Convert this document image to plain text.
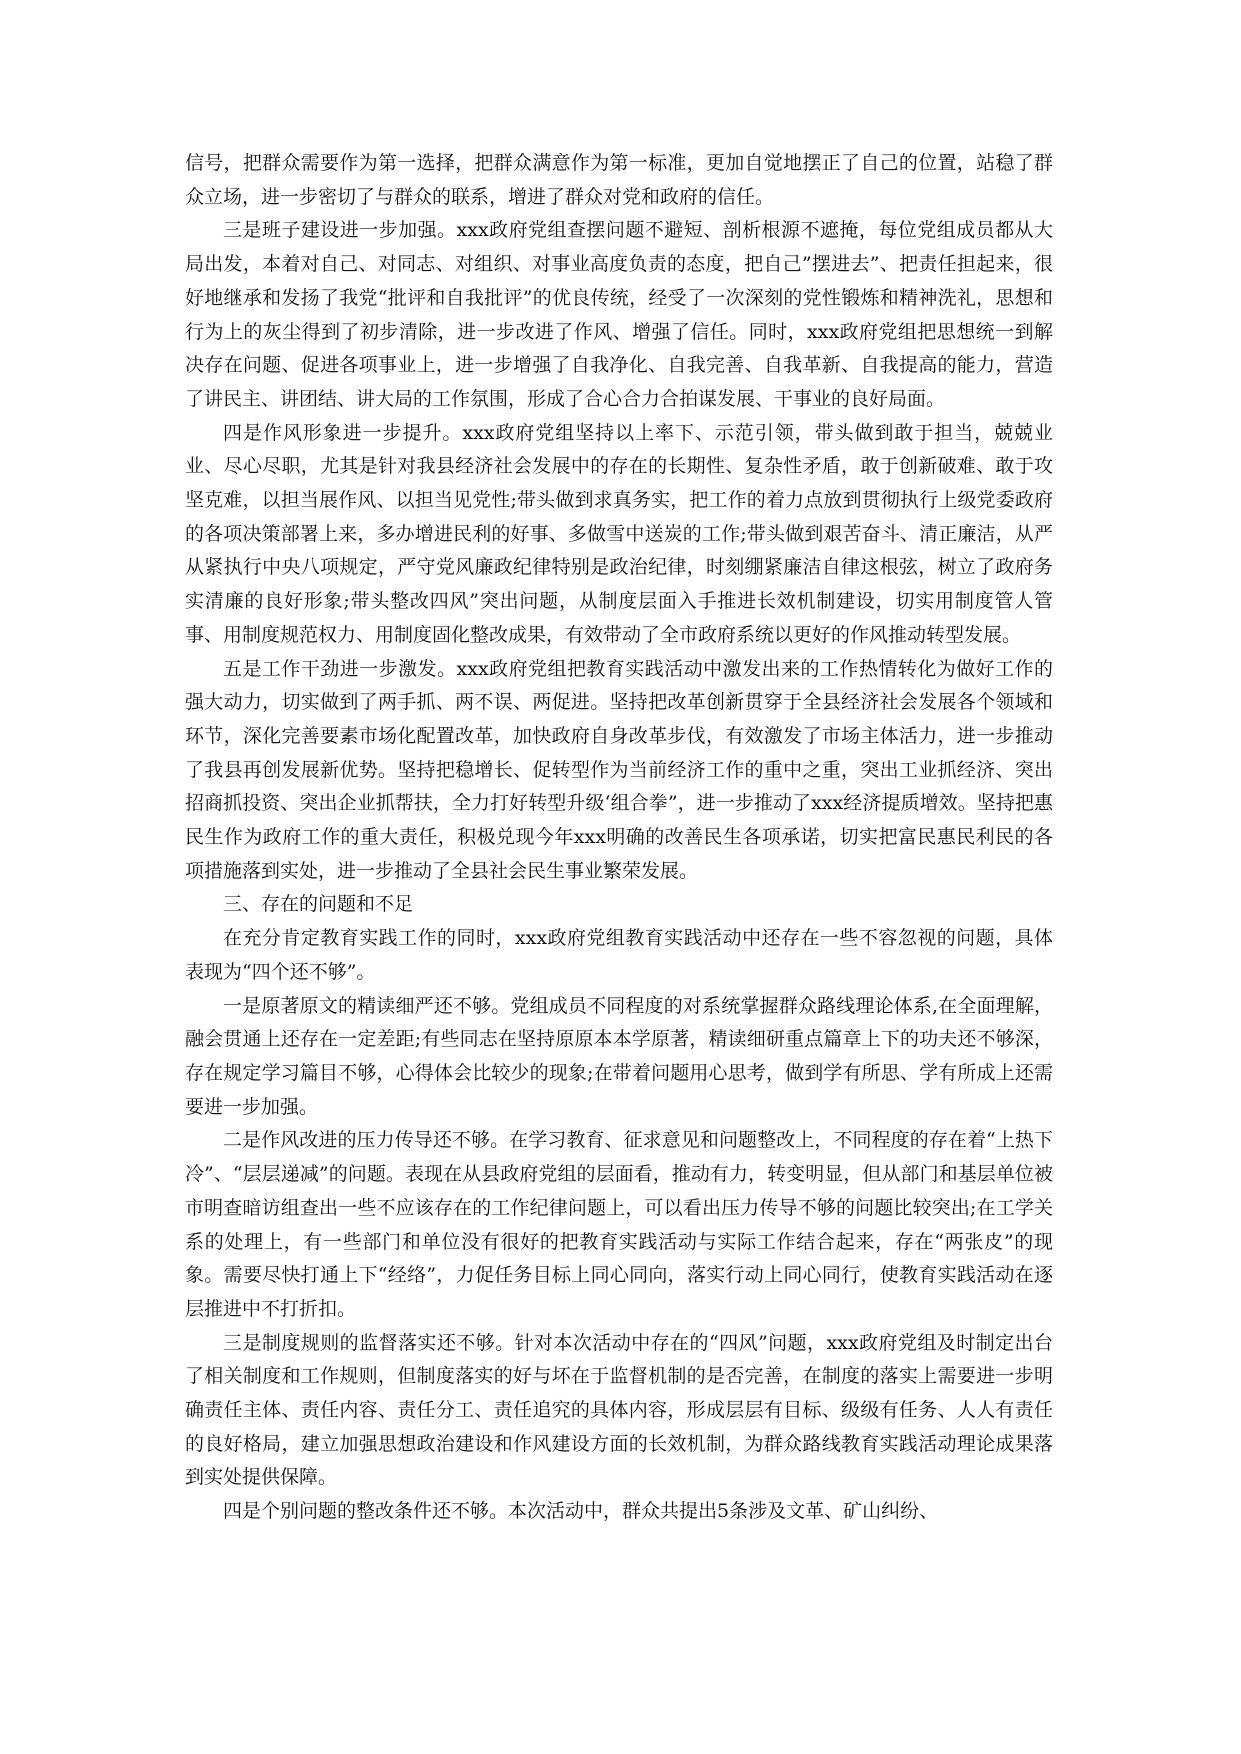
信号，把群众需要作为第一选择，把群众满意作为第一标准，更加自觉地摆正了自己的位置，站稳了群众立场，进一步密切了与群众的联系，增进了群众对党和政府的信任。

三是班子建设进一步加强。xxx政府党组查摆问题不避短、剖析根源不遮掩，每位党组成员都从大局出发，本着对自己、对同志、对组织、对事业高度负责的态度，把自己”摆进去”、把责任担起来，很好地继承和发扬了我党“批评和自我批评”的优良传统，经受了一次深刻的党性锻炼和精神洗礼，思想和行为上的灰尘得到了初步清除，进一步改进了作风、增强了信任。同时，xxx政府党组把思想统一到解决存在问题、促进各项事业上，进一步增强了自我净化、自我完善、自我革新、自我提高的能力，营造了讲民主、讲团结、讲大局的工作氛围，形成了合心合力合拍谋发展、干事业的良好局面。

四是作风形象进一步提升。xxx政府党组坚持以上率下、示范引领，带头做到敢于担当，兢兢业业、尽心尽职，尤其是针对我县经济社会发展中的存在的长期性、复杂性矛盾，敢于创新破难、敢于攻坚克难，以担当展作风、以担当见党性;带头做到求真务实，把工作的着力点放到贯彻执行上级党委政府的各项决策部署上来，多办增进民利的好事、多做雪中送炭的工作;带头做到艰苦奋斗、清正廉洁，从严从紧执行中央八项规定，严守党风廉政纪律特别是政治纪律，时刻绷紧廉洁自律这根弦，树立了政府务实清廉的良好形象;带头整改四风”突出问题，从制度层面入手推进长效机制建设，切实用制度管人管事、用制度规范权力、用制度固化整改成果，有效带动了全市政府系统以更好的作风推动转型发展。

五是工作干劲进一步激发。xxx政府党组把教育实践活动中激发出来的工作热情转化为做好工作的强大动力，切实做到了两手抓、两不误、两促进。坚持把改革创新贯穿于全县经济社会发展各个领域和环节，深化完善要素市场化配置改革，加快政府自身改革步伐，有效激发了市场主体活力，进一步推动了我县再创发展新优势。坚持把稳增长、促转型作为当前经济工作的重中之重，突出工业抓经济、突出招商抓投资、突出企业抓帮扶，全力打好转型升级‘组合拳”，进一步推动了xxx经济提质增效。坚持把惠民生作为政府工作的重大责任，积极兑现今年xxx明确的改善民生各项承诺，切实把富民惠民利民的各项措施落到实处，进一步推动了全县社会民生事业繁荣发展。

三、存在的问题和不足

在充分肯定教育实践工作的同时，xxx政府党组教育实践活动中还存在一些不容忽视的问题，具体表现为“四个还不够”。

一是原著原文的精读细严还不够。党组成员不同程度的对系统掌握群众路线理论体系,在全面理解，融会贯通上还存在一定差距;有些同志在坚持原原本本学原著，精读细研重点篇章上下的功夫还不够深，存在规定学习篇目不够，心得体会比较少的现象;在带着问题用心思考，做到学有所思、学有所成上还需要进一步加强。

二是作风改进的压力传导还不够。在学习教育、征求意见和问题整改上，不同程度的存在着“上热下冷”、“层层递减”的问题。表现在从县政府党组的层面看，推动有力，转变明显，但从部门和基层单位被市明查暗访组查出一些不应该存在的工作纪律问题上，可以看出压力传导不够的问题比较突出;在工学关系的处理上，有一些部门和单位没有很好的把教育实践活动与实际工作结合起来，存在“两张皮”的现象。需要尽快打通上下“经络”，力促任务目标上同心同向，落实行动上同心同行，使教育实践活动在逐层推进中不打折扣。

三是制度规则的监督落实还不够。针对本次活动中存在的“四风”问题，xxx政府党组及时制定出台了相关制度和工作规则，但制度落实的好与坏在于监督机制的是否完善，在制度的落实上需要进一步明确责任主体、责任内容、责任分工、责任追究的具体内容，形成层层有目标、级级有任务、人人有责任的良好格局，建立加强思想政治建设和作风建设方面的长效机制，为群众路线教育实践活动理论成果落到实处提供保障。

四是个别问题的整改条件还不够。本次活动中，群众共提出5条涉及文革、矿山纠纷、
